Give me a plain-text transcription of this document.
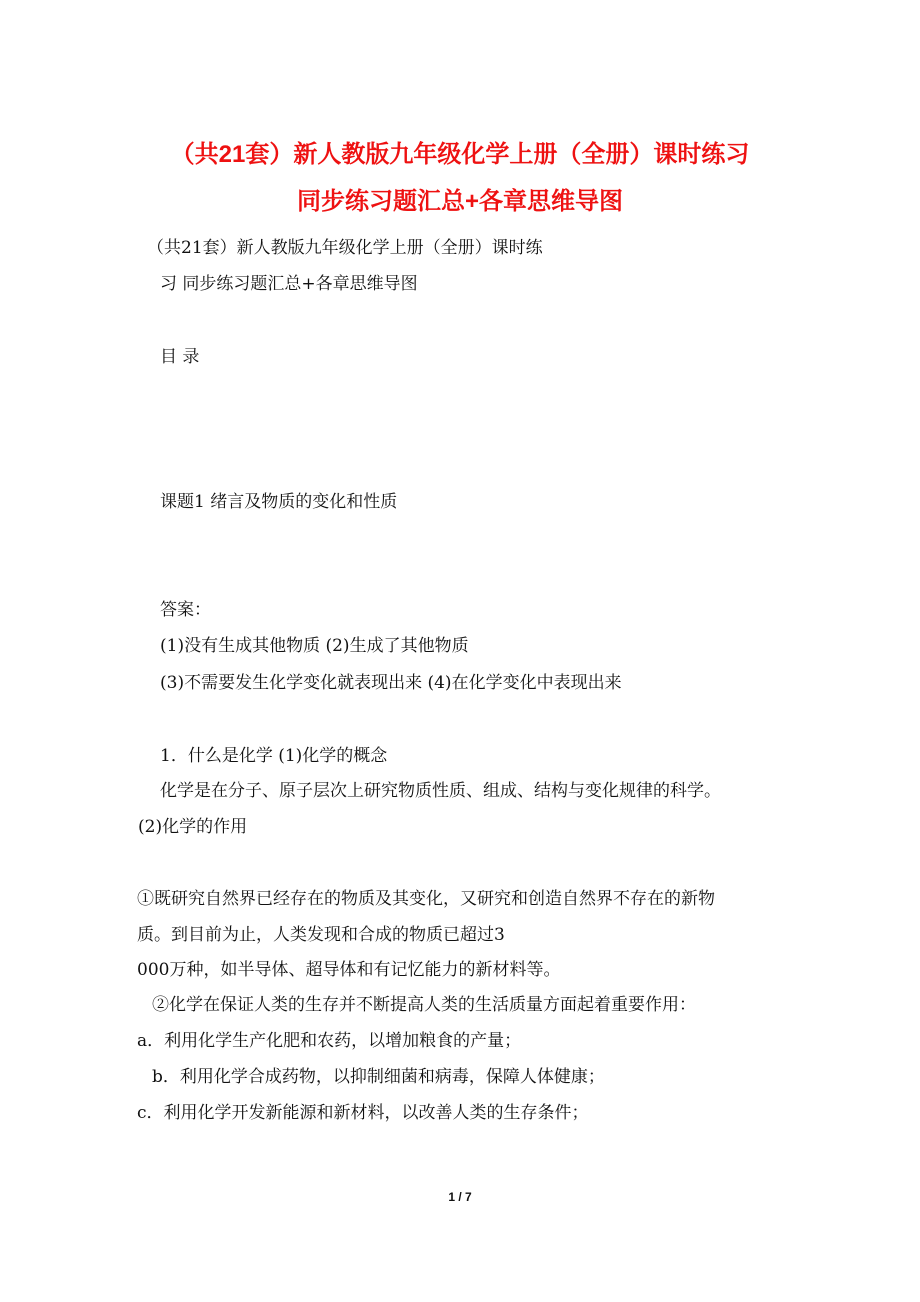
（共21套）新人教版九年级化学上册（全册）课时练习
同步练习题汇总+各章思维导图
（共21套）新人教版九年级化学上册（全册）课时练
习 同步练习题汇总+各章思维导图
目 录
课题1 绪言及物质的变化和性质
答案：
(1)没有生成其他物质 (2)生成了其他物质
(3)不需要发生化学变化就表现出来 (4)在化学变化中表现出来
1．什么是化学 (1)化学的概念
化学是在分子、原子层次上研究物质性质、组成、结构与变化规律的科学。
(2)化学的作用
①既研究自然界已经存在的物质及其变化，又研究和创造自然界不存在的新物
质。到目前为止，人类发现和合成的物质已超过3
000万种，如半导体、超导体和有记忆能力的新材料等。
②化学在保证人类的生存并不断提高人类的生活质量方面起着重要作用：
a．利用化学生产化肥和农药，以增加粮食的产量；
b．利用化学合成药物，以抑制细菌和病毒，保障人体健康；
c．利用化学开发新能源和新材料，以改善人类的生存条件；
1 / 7
